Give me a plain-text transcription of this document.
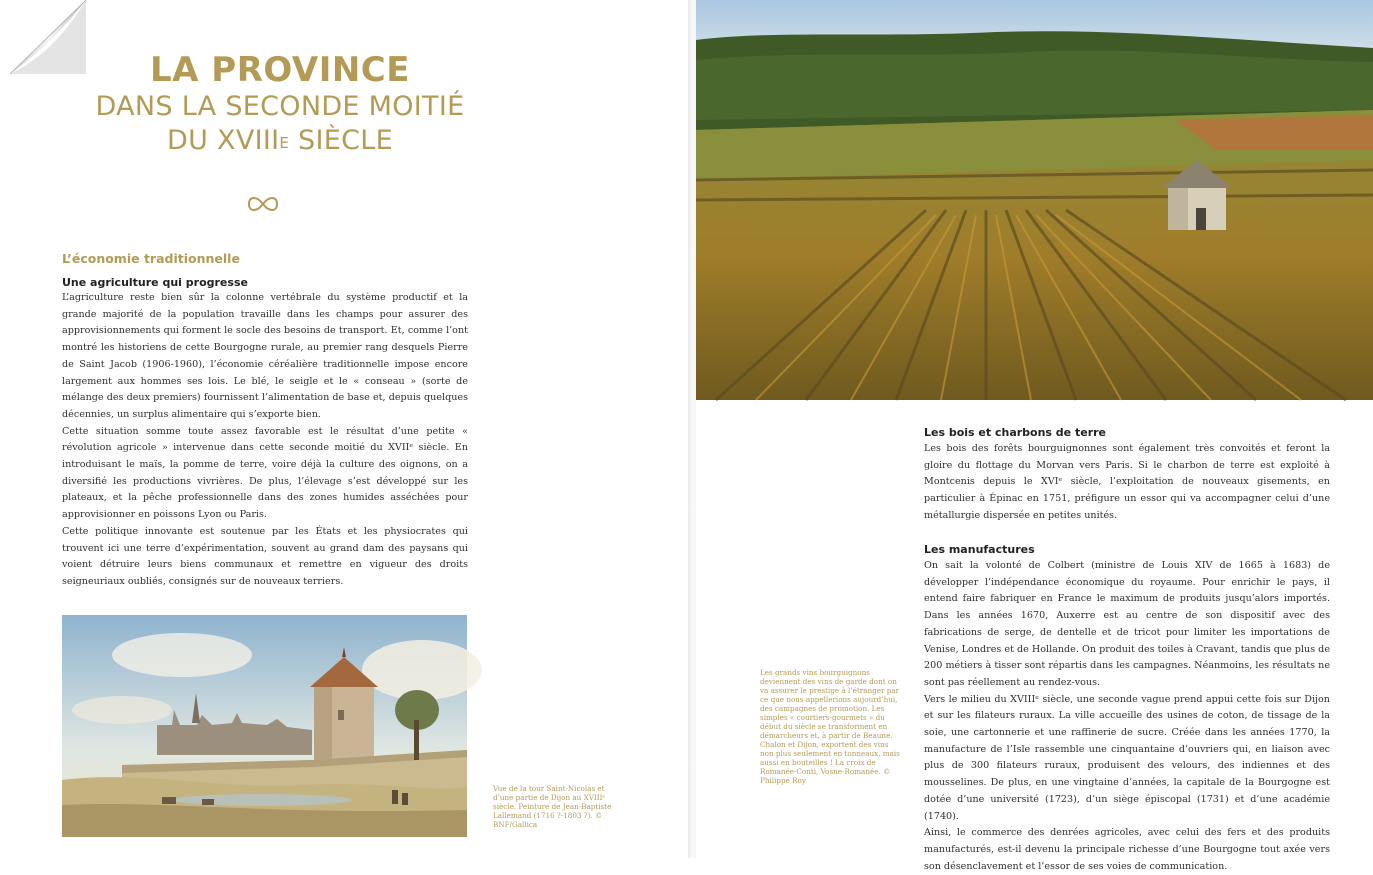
LA PROVINCE
DANS LA SECONDE MOITIÉ
DU $XVIII^E$ SIÈCLE
L’économie traditionnelle
Une agriculture qui progresse

L’agriculture reste bien sûr la colonne vertébrale du système productif et la grande majorité de la population travaille dans les champs pour assurer des approvisionnements qui forment le socle des besoins de transport. Et, comme l’ont montré les historiens de cette Bourgogne rurale, au premier rang desquels Pierre de Saint Jacob (1906-1960), l’économie céréalière traditionnelle impose encore largement aux hommes ses lois. Le blé, le seigle et le « conseau » (sorte de mélange des deux premiers) fournissent l’alimentation de base et, depuis quelques décennies, un surplus alimentaire qui s’exporte bien.

Cette situation somme toute assez favorable est le résultat d’une petite « révolution agricole » intervenue dans cette seconde moitié du XVIIᵉ siècle. En introduisant le maïs, la pomme de terre, voire déjà la culture des oignons, on a diversifié les productions vivrières. De plus, l’élevage s’est développé sur les plateaux, et la pêche professionnelle dans des zones humides asséchées pour approvisionner en poissons Lyon ou Paris.

Cette politique innovante est soutenue par les États et les physiocrates qui trouvent ici une terre d’expérimentation, souvent au grand dam des paysans qui voient détruire leurs biens communaux et remettre en vigueur des droits seigneuriaux oubliés, consignés sur de nouveaux terriers.

Vue de la tour Saint-Nicolas et d’une partie de Dijon au XVIIIᵉ siècle. Peinture de Jean-Baptiste Lallemand (1716 ?-1803 ?). © BNF/Gallica
Les grands vins bourguignons deviennent des vins de garde dont on va assurer le prestige à l’étranger par ce que nous appellerions aujourd’hui, des campagnes de promotion. Les simples « courtiers-gourmets » du début du siècle se transforment en démarcheurs et, à partir de Beaune, Chalon et Dijon, exportent des vins non plus seulement en tonneaux, mais aussi en bouteilles ! La croix de Romanée-Conti, Vosne-Romanée. © Philippe Roy
Les bois et charbons de terre

Les bois des forêts bourguignonnes sont également très convoités et feront la gloire du flottage du Morvan vers Paris. Si le charbon de terre est exploité à Montcenis depuis le XVIᵉ siècle, l’exploitation de nouveaux gisements, en particulier à Épinac en 1751, préfigure un essor qui va accompagner celui d’une métallurgie dispersée en petites unités.

Les manufactures

On sait la volonté de Colbert (ministre de Louis XIV de 1665 à 1683) de développer l’indépendance économique du royaume. Pour enrichir le pays, il entend faire fabriquer en France le maximum de produits jusqu’alors importés. Dans les années 1670, Auxerre est au centre de son dispositif avec des fabrications de serge, de dentelle et de tricot pour limiter les importations de Venise, Londres et de Hollande. On produit des toiles à Cravant, tandis que plus de 200 métiers à tisser sont répartis dans les campagnes. Néanmoins, les résultats ne sont pas réellement au rendez-vous.

Vers le milieu du XVIIIᵉ siècle, une seconde vague prend appui cette fois sur Dijon et sur les filateurs ruraux. La ville accueille des usines de coton, de tissage de la soie, une cartonnerie et une raffinerie de sucre. Créée dans les années 1770, la manufacture de l’Isle rassemble une cinquantaine d’ouvriers qui, en liaison avec plus de 300 filateurs ruraux, produisent des velours, des indiennes et des mousselines. De plus, en une vingtaine d’années, la capitale de la Bourgogne est dotée d’une université (1723), d’un siège épiscopal (1731) et d’une académie (1740).

Ainsi, le commerce des denrées agricoles, avec celui des fers et des produits manufacturés, est-il devenu la principale richesse d’une Bourgogne tout axée vers son désenclavement et l’essor de ses voies de communication.
